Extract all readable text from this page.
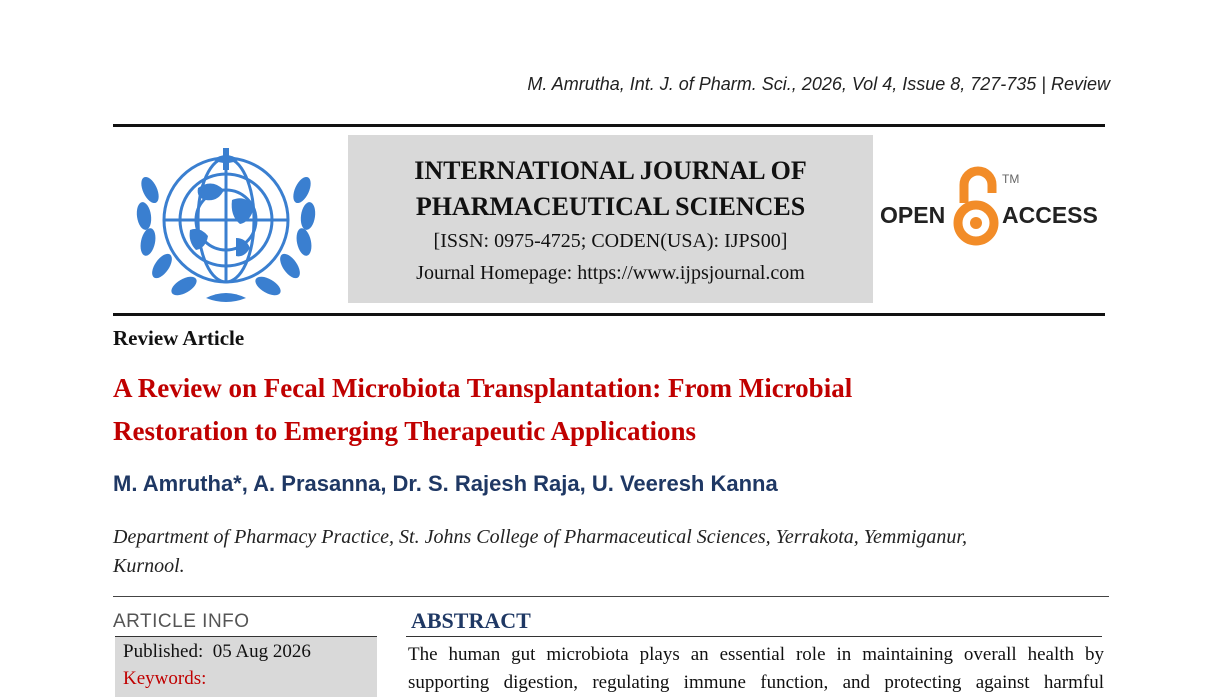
M. Amrutha, Int. J. of Pharm. Sci., 2026, Vol 4, Issue 8, 727-735 | Review
INTERNATIONAL JOURNAL OF
PHARMACEUTICAL SCIENCES
[ISSN: 0975-4725; CODEN(USA): IJPS00]
Journal Homepage: https://www.ijpsjournal.com
OPEN ACCESS
TM
Review Article
A Review on Fecal Microbiota Transplantation: From Microbial
Restoration to Emerging Therapeutic Applications
M. Amrutha*, A. Prasanna, Dr. S. Rajesh Raja, U. Veeresh Kanna
Department of Pharmacy Practice, St. Johns College of Pharmaceutical Sciences, Yerrakota, Yemmiganur,
Kurnool.
ARTICLE INFO
Published:  05 Aug 2026
Keywords:
ABSTRACT
The human gut microbiota plays an essential role in maintaining overall health by
supporting digestion, regulating immune function, and protecting against harmful
